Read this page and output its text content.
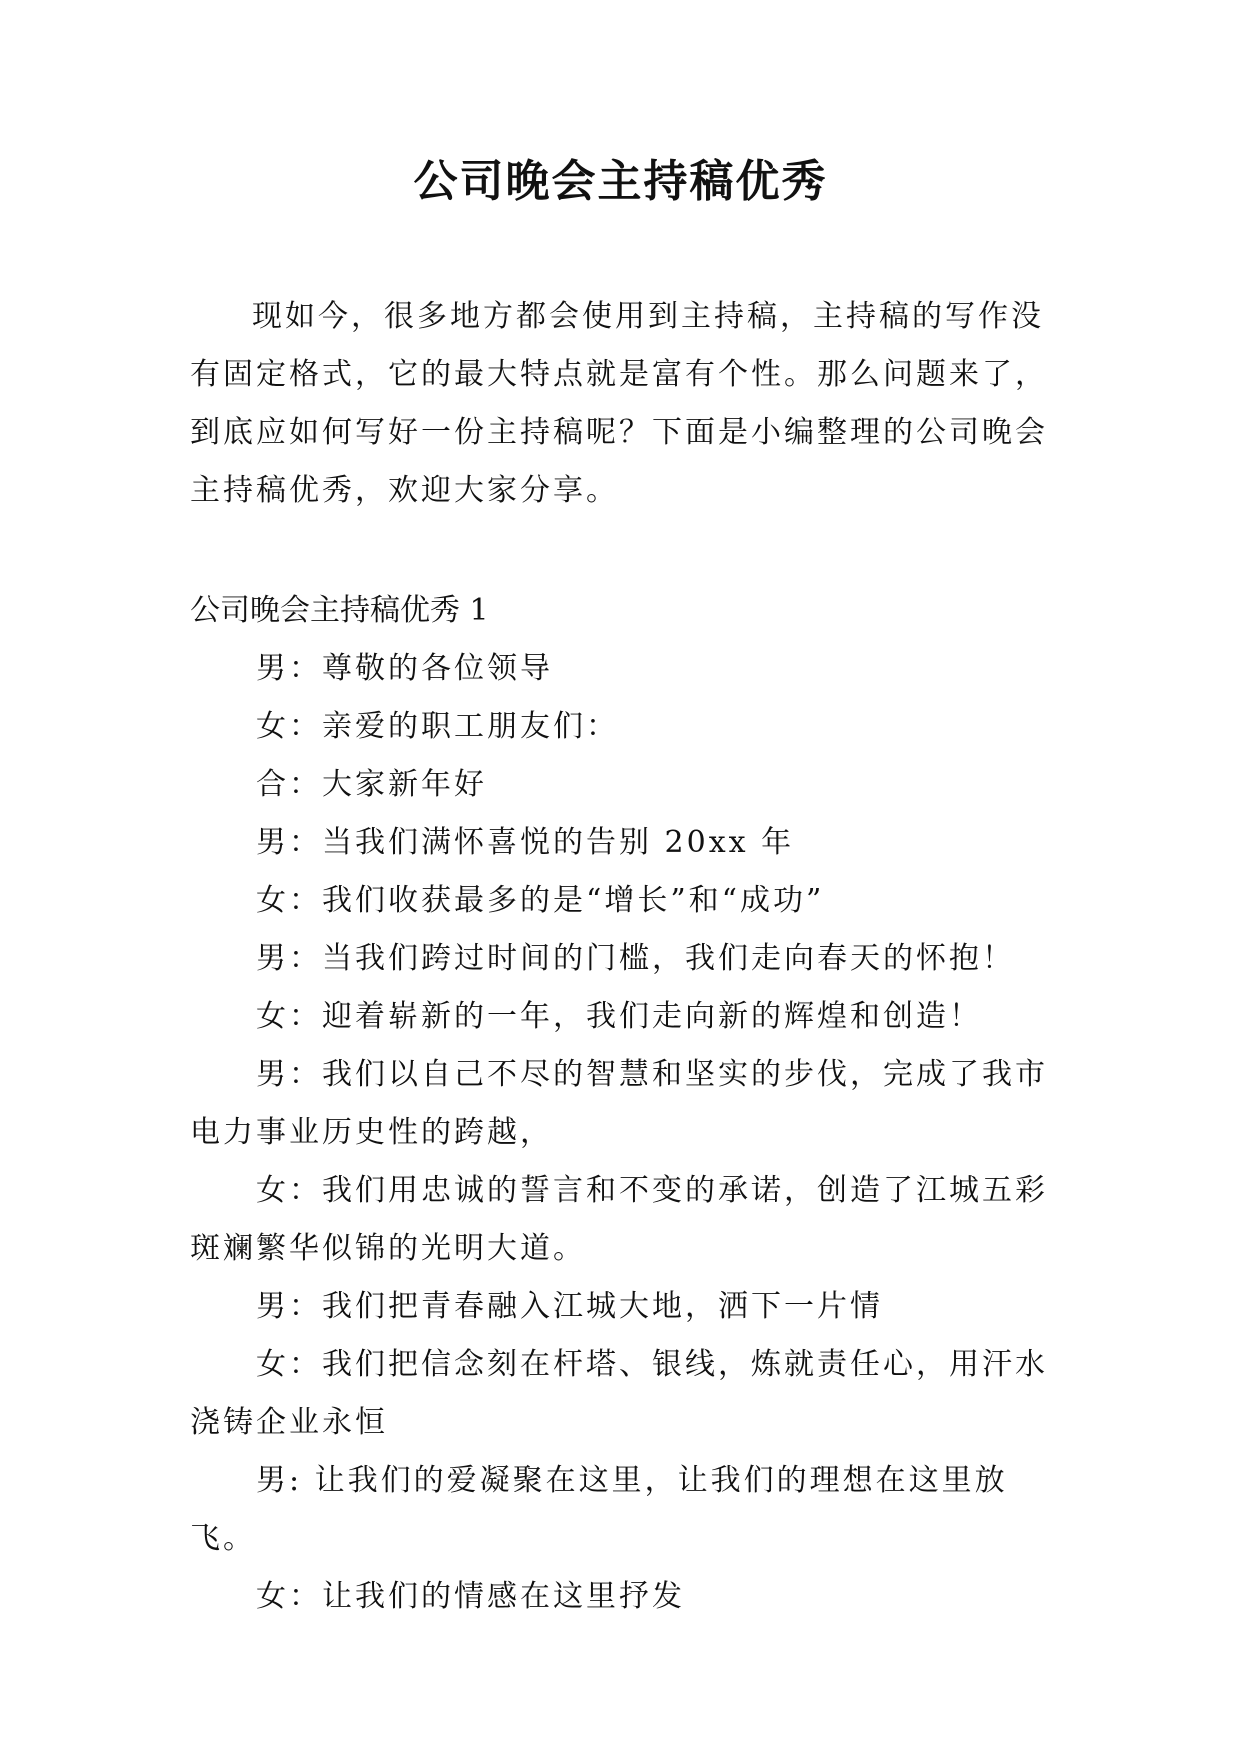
公司晚会主持稿优秀

现如今，很多地方都会使用到主持稿，主持稿的写作没有固定格式，它的最大特点就是富有个性。那么问题来了，到底应如何写好一份主持稿呢？下面是小编整理的公司晚会主持稿优秀，欢迎大家分享。

公司晚会主持稿优秀 1

男：尊敬的各位领导

女：亲爱的职工朋友们：

合：大家新年好

男：当我们满怀喜悦的告别 20xx 年

女：我们收获最多的是“增长”和“成功”

男：当我们跨过时间的门槛，我们走向春天的怀抱！

女：迎着崭新的一年，我们走向新的辉煌和创造！

男：我们以自己不尽的智慧和坚实的步伐，完成了我市电力事业历史性的跨越，

女：我们用忠诚的誓言和不变的承诺，创造了江城五彩斑斓繁华似锦的光明大道。

男：我们把青春融入江城大地，洒下一片情

女：我们把信念刻在杆塔、银线，炼就责任心，用汗水浇铸企业永恒

男: 让我们的爱凝聚在这里，让我们的理想在这里放飞。

女：让我们的情感在这里抒发
